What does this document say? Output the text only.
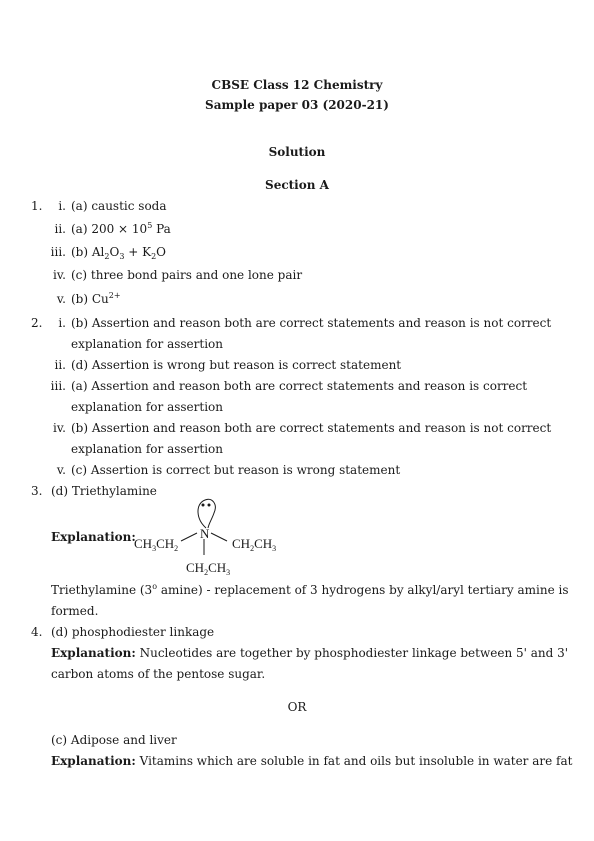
CBSE Class 12 Chemistry
Sample paper 03 (2020-21)
Solution
Section A
1.	i. (a) caustic soda
ii. (a) $200 \times 10^5$ Pa
iii. (b) $Al_2O_3 + K_2O$
iv. (c) three bond pairs and one lone pair
v. (b) $Cu^{2+}$
2.	i. (b) Assertion and reason both are correct statements and reason is not correct
explanation for assertion
ii. (d) Assertion is wrong but reason is correct statement
iii. (a) Assertion and reason both are correct statements and reason is correct
explanation for assertion
iv. (b) Assertion and reason both are correct statements and reason is not correct
explanation for assertion
v. (c) Assertion is correct but reason is wrong statement
3. (d) Triethylamine
Explanation:	N
$CH_3CH_2$	$CH_2CH_3$
$CH_2CH_3$
Triethylamine (3$^o$ amine) - replacement of 3 hydrogens by alkyl/aryl tertiary amine is
formed.
4. (d) phosphodiester linkage
Explanation: Nucleotides are together by phosphodiester linkage between 5' and 3'
carbon atoms of the pentose sugar.
OR
(c) Adipose and liver
Explanation: Vitamins which are soluble in fat and oils but insoluble in water are fat
